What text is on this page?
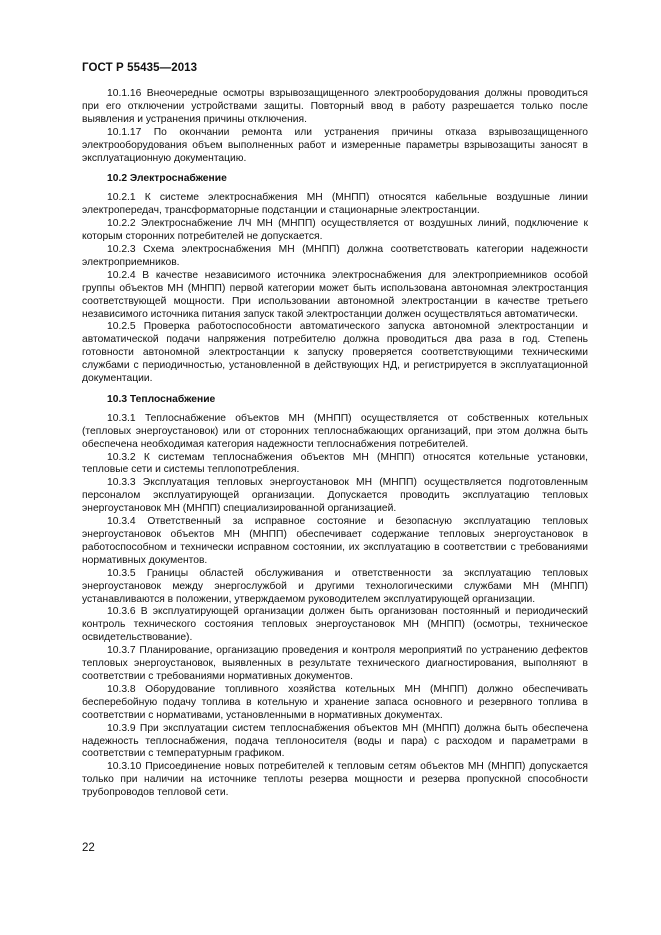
ГОСТ Р 55435—2013

10.1.16 Внеочередные осмотры взрывозащищенного электрооборудования должны проводиться при его отключении устройствами защиты. Повторный ввод в работу разрешается только после выявления и устранения причины отключения.

10.1.17 По окончании ремонта или устранения причины отказа взрывозащищенного электрооборудования объем выполненных работ и измеренные параметры взрывозащиты заносят в эксплуатационную документацию.

10.2 Электроснабжение

10.2.1 К системе электроснабжения МН (МНПП) относятся кабельные воздушные линии электропередач, трансформаторные подстанции и стационарные электростанции.

10.2.2 Электроснабжение ЛЧ МН (МНПП) осуществляется от воздушных линий, подключение к которым сторонних потребителей не допускается.

10.2.3 Схема электроснабжения МН (МНПП) должна соответствовать категории надежности электроприемников.

10.2.4 В качестве независимого источника электроснабжения для электроприемников особой группы объектов МН (МНПП) первой категории может быть использована автономная электростанция соответствующей мощности. При использовании автономной электростанции в качестве третьего независимого источника питания запуск такой электростанции должен осуществляться автоматически.

10.2.5 Проверка работоспособности автоматического запуска автономной электростанции и автоматической подачи напряжения потребителю должна проводиться два раза в год. Степень готовности автономной электростанции к запуску проверяется соответствующими техническими службами с периодичностью, установленной в действующих НД, и регистрируется в эксплуатационной документации.

10.3 Теплоснабжение

10.3.1 Теплоснабжение объектов МН (МНПП) осуществляется от собственных котельных (тепловых энергоустановок) или от сторонних теплоснабжающих организаций, при этом должна быть обеспечена необходимая категория надежности теплоснабжения потребителей.

10.3.2 К системам теплоснабжения объектов МН (МНПП) относятся котельные установки, тепловые сети и системы теплопотребления.

10.3.3 Эксплуатация тепловых энергоустановок МН (МНПП) осуществляется подготовленным персоналом эксплуатирующей организации. Допускается проводить эксплуатацию тепловых энергоустановок МН (МНПП) специализированной организацией.

10.3.4 Ответственный за исправное состояние и безопасную эксплуатацию тепловых энергоустановок объектов МН (МНПП) обеспечивает содержание тепловых энергоустановок в работоспособном и технически исправном состоянии, их эксплуатацию в соответствии с требованиями нормативных документов.

10.3.5 Границы областей обслуживания и ответственности за эксплуатацию тепловых энергоустановок между энергослужбой и другими технологическими службами МН (МНПП) устанавливаются в положении, утверждаемом руководителем эксплуатирующей организации.

10.3.6 В эксплуатирующей организации должен быть организован постоянный и периодический контроль технического состояния тепловых энергоустановок МН (МНПП) (осмотры, техническое освидетельствование).

10.3.7 Планирование, организацию проведения и контроля мероприятий по устранению дефектов тепловых энергоустановок, выявленных в результате технического диагностирования, выполняют в соответствии с требованиями нормативных документов.

10.3.8 Оборудование топливного хозяйства котельных МН (МНПП) должно обеспечивать бесперебойную подачу топлива в котельную и хранение запаса основного и резервного топлива в соответствии с нормативами, установленными в нормативных документах.

10.3.9 При эксплуатации систем теплоснабжения объектов МН (МНПП) должна быть обеспечена надежность теплоснабжения, подача теплоносителя (воды и пара) с расходом и параметрами в соответствии с температурным графиком.

10.3.10 Присоединение новых потребителей к тепловым сетям объектов МН (МНПП) допускается только при наличии на источнике теплоты резерва мощности и резерва пропускной способности трубопроводов тепловой сети.

22
